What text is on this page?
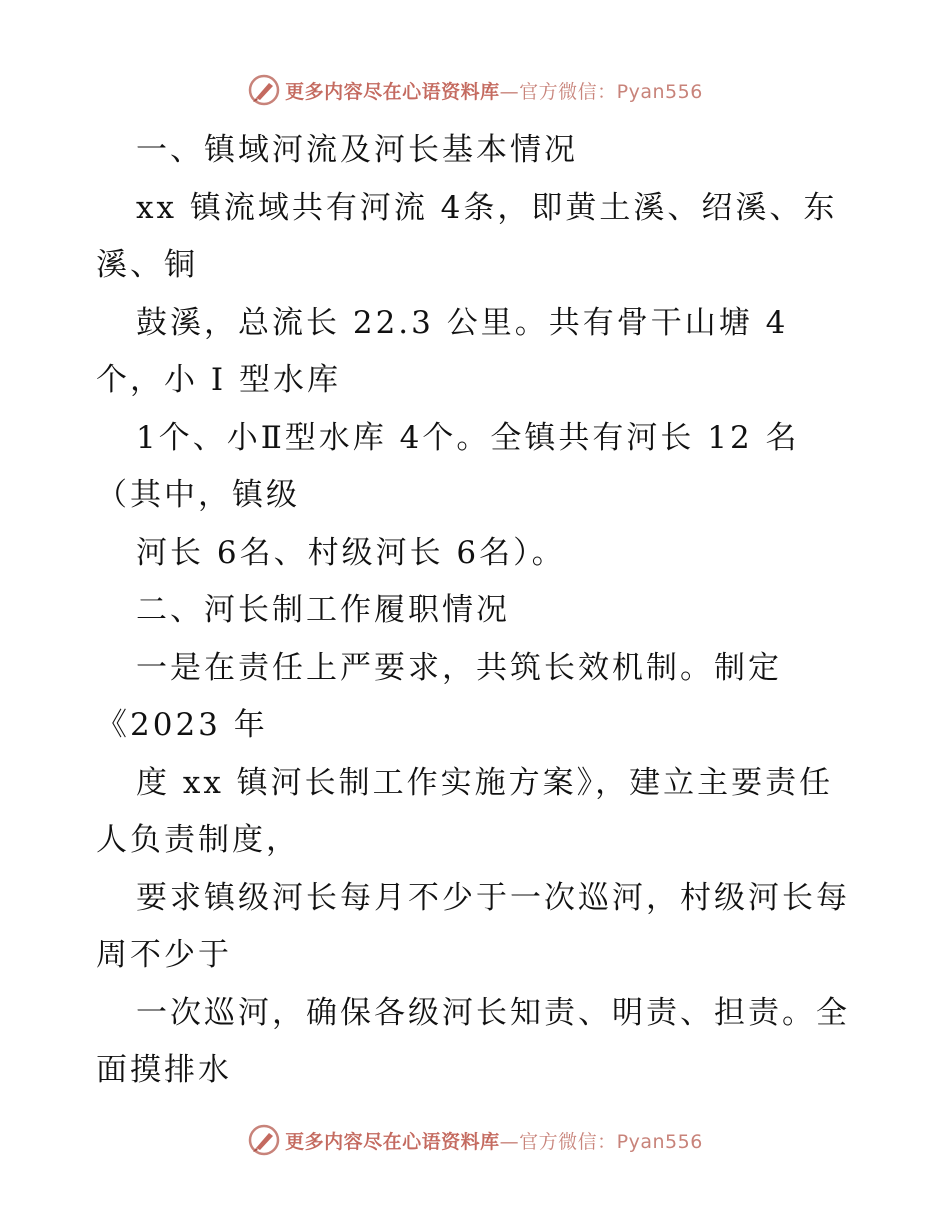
更多内容尽在心语资料库—官方微信：Pyan556
一、镇域河流及河长基本情况
xx 镇流域共有河流 4条，即黄土溪、绍溪、东
溪、铜
鼓溪，总流长 22.3 公里。共有骨干山塘 4
个，小 I 型水库
1个、小Ⅱ型水库 4个。全镇共有河长 12 名
（其中，镇级
河长 6名、村级河长 6名）。
二、河长制工作履职情况
一是在责任上严要求，共筑长效机制。制定
《2023 年
度 xx 镇河长制工作实施方案》，建立主要责任
人负责制度，
要求镇级河长每月不少于一次巡河，村级河长每
周不少于
一次巡河，确保各级河长知责、明责、担责。全
面摸排水
更多内容尽在心语资料库—官方微信：Pyan556
